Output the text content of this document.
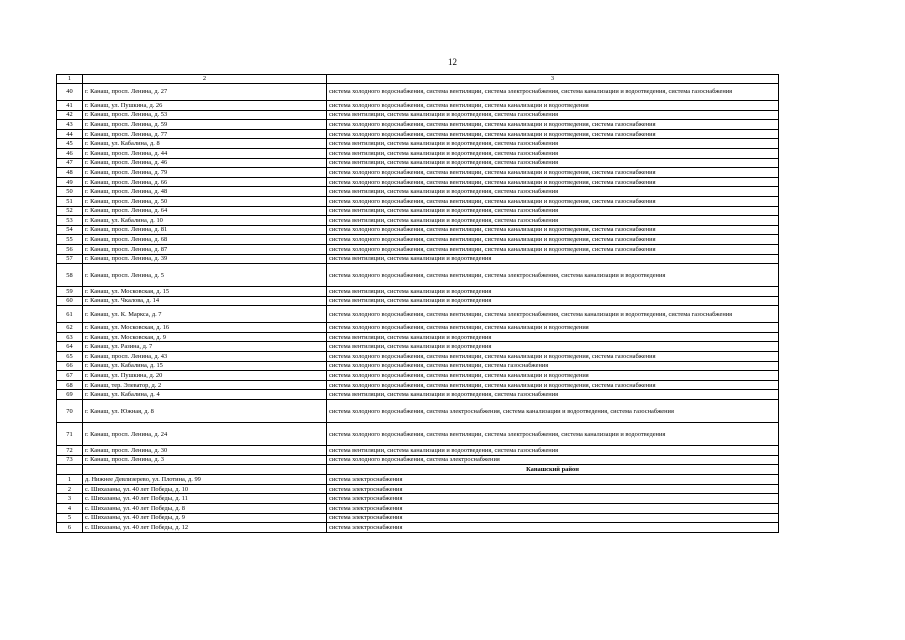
12
1	2	3
40	г. Канаш, просп. Ленина, д. 27	система холодного водоснабжения, система вентиляции, система электроснабжения, система канализации и водоотведения, система газоснабжения
41	г. Канаш, ул. Пушкина, д. 26	система холодного водоснабжения, система вентиляции, система канализации и водоотведения
42	г. Канаш, просп. Ленина, д. 53	система вентиляции, система канализации и водоотведения, система газоснабжения
43	г. Канаш, просп. Ленина, д. 59	система холодного водоснабжения, система вентиляции, система канализации и водоотведения, система газоснабжения
44	г. Канаш, просп. Ленина, д. 77	система холодного водоснабжения, система вентиляции, система канализации и водоотведения, система газоснабжения
45	г. Канаш, ул. Кабалина, д. 8	система вентиляции, система канализации и водоотведения, система газоснабжения
46	г. Канаш, просп. Ленина, д. 44	система вентиляции, система канализации и водоотведения, система газоснабжения
47	г. Канаш, просп. Ленина, д. 46	система вентиляции, система канализации и водоотведения, система газоснабжения
48	г. Канаш, просп. Ленина, д. 79	система холодного водоснабжения, система вентиляции, система канализации и водоотведения, система газоснабжения
49	г. Канаш, просп. Ленина, д. 66	система холодного водоснабжения, система вентиляции, система канализации и водоотведения, система газоснабжения
50	г. Канаш, просп. Ленина, д. 48	система вентиляции, система канализации и водоотведения, система газоснабжения
51	г. Канаш, просп. Ленина, д. 50	система холодного водоснабжения, система вентиляции, система канализации и водоотведения, система газоснабжения
52	г. Канаш, просп. Ленина, д. 64	система вентиляции, система канализации и водоотведения, система газоснабжения
53	г. Канаш, ул. Кабалина, д. 10	система вентиляции, система канализации и водоотведения, система газоснабжения
54	г. Канаш, просп. Ленина, д. 81	система холодного водоснабжения, система вентиляции, система канализации и водоотведения, система газоснабжения
55	г. Канаш, просп. Ленина, д. 68	система холодного водоснабжения, система вентиляции, система канализации и водоотведения, система газоснабжения
56	г. Канаш, просп. Ленина, д. 87	система холодного водоснабжения, система вентиляции, система канализации и водоотведения, система газоснабжения
57	г. Канаш, просп. Ленина, д. 39	система вентиляции, система канализации и водоотведения
58	г. Канаш, просп. Ленина, д. 5	система холодного водоснабжения, система вентиляции, система электроснабжения, система канализации и водоотведения
59	г. Канаш, ул. Московская, д. 15	система вентиляции, система канализации и водоотведения
60	г. Канаш, ул. Чкалова, д. 14	система вентиляции, система канализации и водоотведения
61	г. Канаш, ул. К. Маркса, д. 7	система холодного водоснабжения, система вентиляции, система электроснабжения, система канализации и водоотведения, система газоснабжения
62	г. Канаш, ул. Московская, д. 16	система холодного водоснабжения, система вентиляции, система канализации и водоотведения
63	г. Канаш, ул. Московская, д. 9	система вентиляции, система канализации и водоотведения
64	г. Канаш, ул. Разина, д. 7	система вентиляции, система канализации и водоотведения
65	г. Канаш, просп. Ленина, д. 43	система холодного водоснабжения, система вентиляции, система канализации и водоотведения, система газоснабжения
66	г. Канаш, ул. Кабалина, д. 15	система холодного водоснабжения, система вентиляции, система газоснабжения
67	г. Канаш, ул. Пушкина, д. 20	система холодного водоснабжения, система вентиляции, система канализации и водоотведения
68	г. Канаш, тер. Элеватор, д. 2	система холодного водоснабжения, система вентиляции, система канализации и водоотведения, система газоснабжения
69	г. Канаш, ул. Кабалина, д. 4	система вентиляции, система канализации и водоотведения, система газоснабжения
70	г. Канаш, ул. Южная, д. 8	система холодного водоснабжения, система электроснабжения, система канализации и водоотведения, система газоснабжения
71	г. Канаш, просп. Ленина, д. 24	система холодного водоснабжения, система вентиляции, система электроснабжения, система канализации и водоотведения
72	г. Канаш, просп. Ленина, д. 30	система вентиляции, система канализации и водоотведения, система газоснабжения
73	г. Канаш, просп. Ленина, д. 3	система холодного водоснабжения, система электроснабжения
		Канашский район
1	д. Нижнее Девлизерево, ул. Плотина, д. 99	система электроснабжения
2	с. Шихазаны, ул. 40 лет Победы, д. 10	система электроснабжения
3	с. Шихазаны, ул. 40 лет Победы, д. 11	система электроснабжения
4	с. Шихазаны, ул. 40 лет Победы, д. 8	система электроснабжения
5	с. Шихазаны, ул. 40 лет Победы, д. 9	система электроснабжения
6	с. Шихазаны, ул. 40 лет Победы, д. 12	система электроснабжения
